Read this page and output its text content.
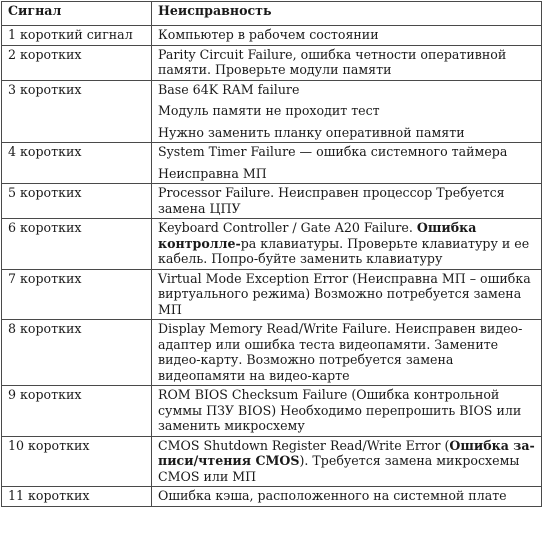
Сигнал	Неисправность
1 короткий сигнал	Компьютер в рабочем состоянии

2 коротких	Parity Circuit Failure, ошибка четности оперативной памяти. Проверьте модули памяти

3 коротких	Base 64K RAM failure
Модуль памяти не проходит тест
Нужно заменить планку оперативной памяти

4 коротких	System Timer Failure — ошибка системного таймера
Неисправна МП

5 коротких	Processor Failure. Неисправен процессор Требуется замена ЦПУ

6 коротких	Keyboard Controller / Gate A20 Failure. Ошибка контролле-ра клавиатуры. Проверьте клавиатуру и ее кабель. Попро-буйте заменить клавиатуру

7 коротких	Virtual Mode Exception Error (Неисправна МП – ошибка виртуального режима) Возможно потребуется замена МП

8 коротких	Display Memory Read/Write Failure. Неисправен видео-адаптер или ошибка теста видеопамяти. Замените видео-карту. Возможно потребуется замена видеопамяти на видео-карте

9 коротких	ROM BIOS Checksum Failure (Ошибка контрольной суммы ПЗУ BIOS) Необходимо перепрошить BIOS или заменить микросхему

10 коротких	CMOS Shutdown Register Read/Write Error (Ошибка за-писи/чтения CMOS). Требуется замена микросхемы CMOS или МП

11 коротких	Ошибка кэша, расположенного на системной плате
